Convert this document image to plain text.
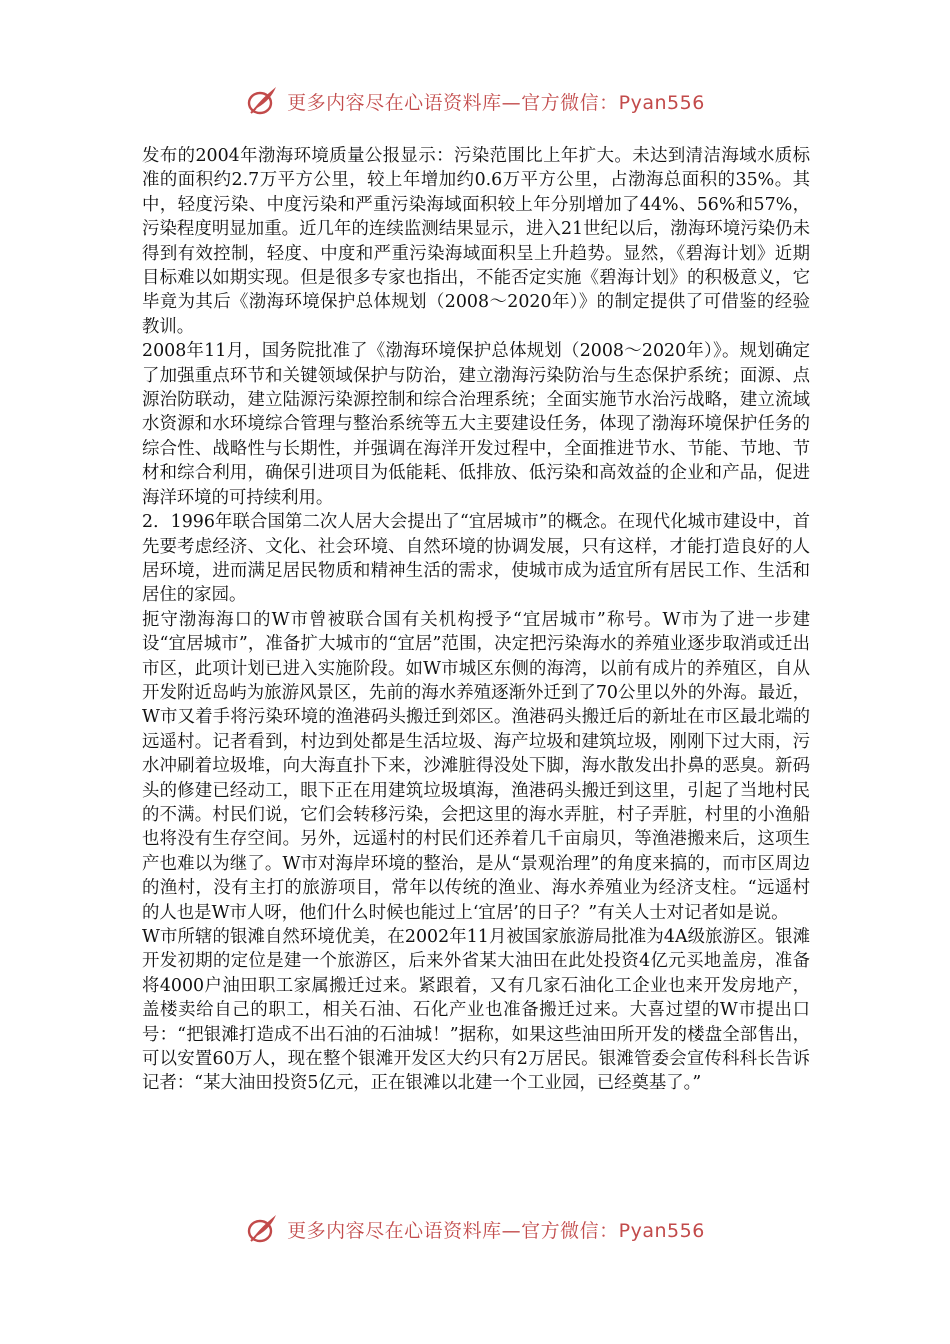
更多内容尽在心语资料库—官方微信：Pyan556

发布的2004年渤海环境质量公报显示：污染范围比上年扩大。未达到清洁海域水质标准的面积约2.7万平方公里，较上年增加约0.6万平方公里，占渤海总面积的35%。其中，轻度污染、中度污染和严重污染海域面积较上年分别增加了44%、56%和57%，污染程度明显加重。近几年的连续监测结果显示，进入21世纪以后，渤海环境污染仍未得到有效控制，轻度、中度和严重污染海域面积呈上升趋势。显然，《碧海计划》近期目标难以如期实现。但是很多专家也指出，不能否定实施《碧海计划》的积极意义，它毕竟为其后《渤海环境保护总体规划（2008～2020年）》的制定提供了可借鉴的经验教训。

2008年11月，国务院批准了《渤海环境保护总体规划（2008～2020年）》。规划确定了加强重点环节和关键领域保护与防治，建立渤海污染防治与生态保护系统；面源、点源治防联动，建立陆源污染源控制和综合治理系统；全面实施节水治污战略，建立流域水资源和水环境综合管理与整治系统等五大主要建设任务，体现了渤海环境保护任务的综合性、战略性与长期性，并强调在海洋开发过程中，全面推进节水、节能、节地、节材和综合利用，确保引进项目为低能耗、低排放、低污染和高效益的企业和产品，促进海洋环境的可持续利用。

2．1996年联合国第二次人居大会提出了“宜居城市”的概念。在现代化城市建设中，首先要考虑经济、文化、社会环境、自然环境的协调发展，只有这样，才能打造良好的人居环境，进而满足居民物质和精神生活的需求，使城市成为适宜所有居民工作、生活和居住的家园。

扼守渤海海口的W市曾被联合国有关机构授予“宜居城市”称号。W市为了进一步建设“宜居城市”，准备扩大城市的“宜居”范围，决定把污染海水的养殖业逐步取消或迁出市区，此项计划已进入实施阶段。如W市城区东侧的海湾，以前有成片的养殖区，自从开发附近岛屿为旅游风景区，先前的海水养殖逐渐外迁到了70公里以外的外海。最近，W市又着手将污染环境的渔港码头搬迁到郊区。渔港码头搬迁后的新址在市区最北端的远遥村。记者看到，村边到处都是生活垃圾、海产垃圾和建筑垃圾，刚刚下过大雨，污水冲刷着垃圾堆，向大海直扑下来，沙滩脏得没处下脚，海水散发出扑鼻的恶臭。新码头的修建已经动工，眼下正在用建筑垃圾填海，渔港码头搬迁到这里，引起了当地村民的不满。村民们说，它们会转移污染，会把这里的海水弄脏，村子弄脏，村里的小渔船也将没有生存空间。另外，远遥村的村民们还养着几千亩扇贝，等渔港搬来后，这项生产也难以为继了。W市对海岸环境的整治，是从“景观治理”的角度来搞的，而市区周边的渔村，没有主打的旅游项目，常年以传统的渔业、海水养殖业为经济支柱。“远遥村的人也是W市人呀，他们什么时候也能过上‘宜居’的日子？”有关人士对记者如是说。

W市所辖的银滩自然环境优美，在2002年11月被国家旅游局批准为4A级旅游区。银滩开发初期的定位是建一个旅游区，后来外省某大油田在此处投资4亿元买地盖房，准备将4000户油田职工家属搬迁过来。紧跟着，又有几家石油化工企业也来开发房地产，盖楼卖给自己的职工，相关石油、石化产业也准备搬迁过来。大喜过望的W市提出口号：“把银滩打造成不出石油的石油城！”据称，如果这些油田所开发的楼盘全部售出，可以安置60万人，现在整个银滩开发区大约只有2万居民。银滩管委会宣传科科长告诉记者：“某大油田投资5亿元，正在银滩以北建一个工业园，已经奠基了。”

更多内容尽在心语资料库—官方微信：Pyan556
